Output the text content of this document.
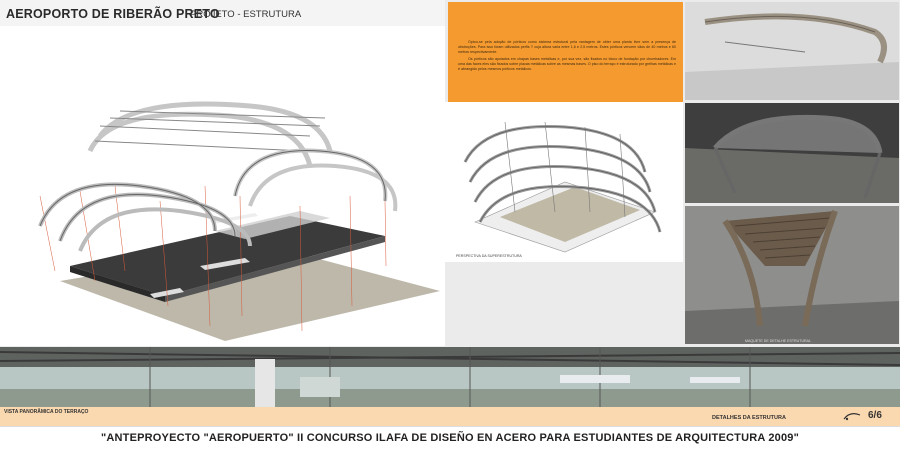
AEROPORTO DE RIBERÃO PRETO
PROJETO - ESTRUTURA

Optou-se pela adoção de pórticos como sistema estrutural pela vantagem de obter uma planta livre sem a presença de obstruções. Para isso foram utilizados perfis 'I' cuja altura varia entre 1,6 e 2,5 metros. Estes pórticos vencem vãos de 40 metros e 60 metros respectivamente.

Os pórticos são apoiados em chapas bases metálicas e, por sua vez, são fixados no bloco de fundação por chumbadores. Em uma das faces eles são fixados sobre placas metálicas sobre as mesmas bases. O piso do terraço é estruturado por grelhas metálicas e é abrangido pelos mesmos pórticos metálicos.

PERSPECTIVA DA SUPERESTRUTURA
MAQUETE DE DETALHE ESTRUTURAL
VISTA PANORÂMICA DO TERRAÇO
DETALHES DA ESTRUTURA	6/6
"ANTEPROYECTO "AEROPUERTO" II CONCURSO ILAFA DE DISEÑO EN ACERO PARA ESTUDIANTES DE ARQUITECTURA 2009"
